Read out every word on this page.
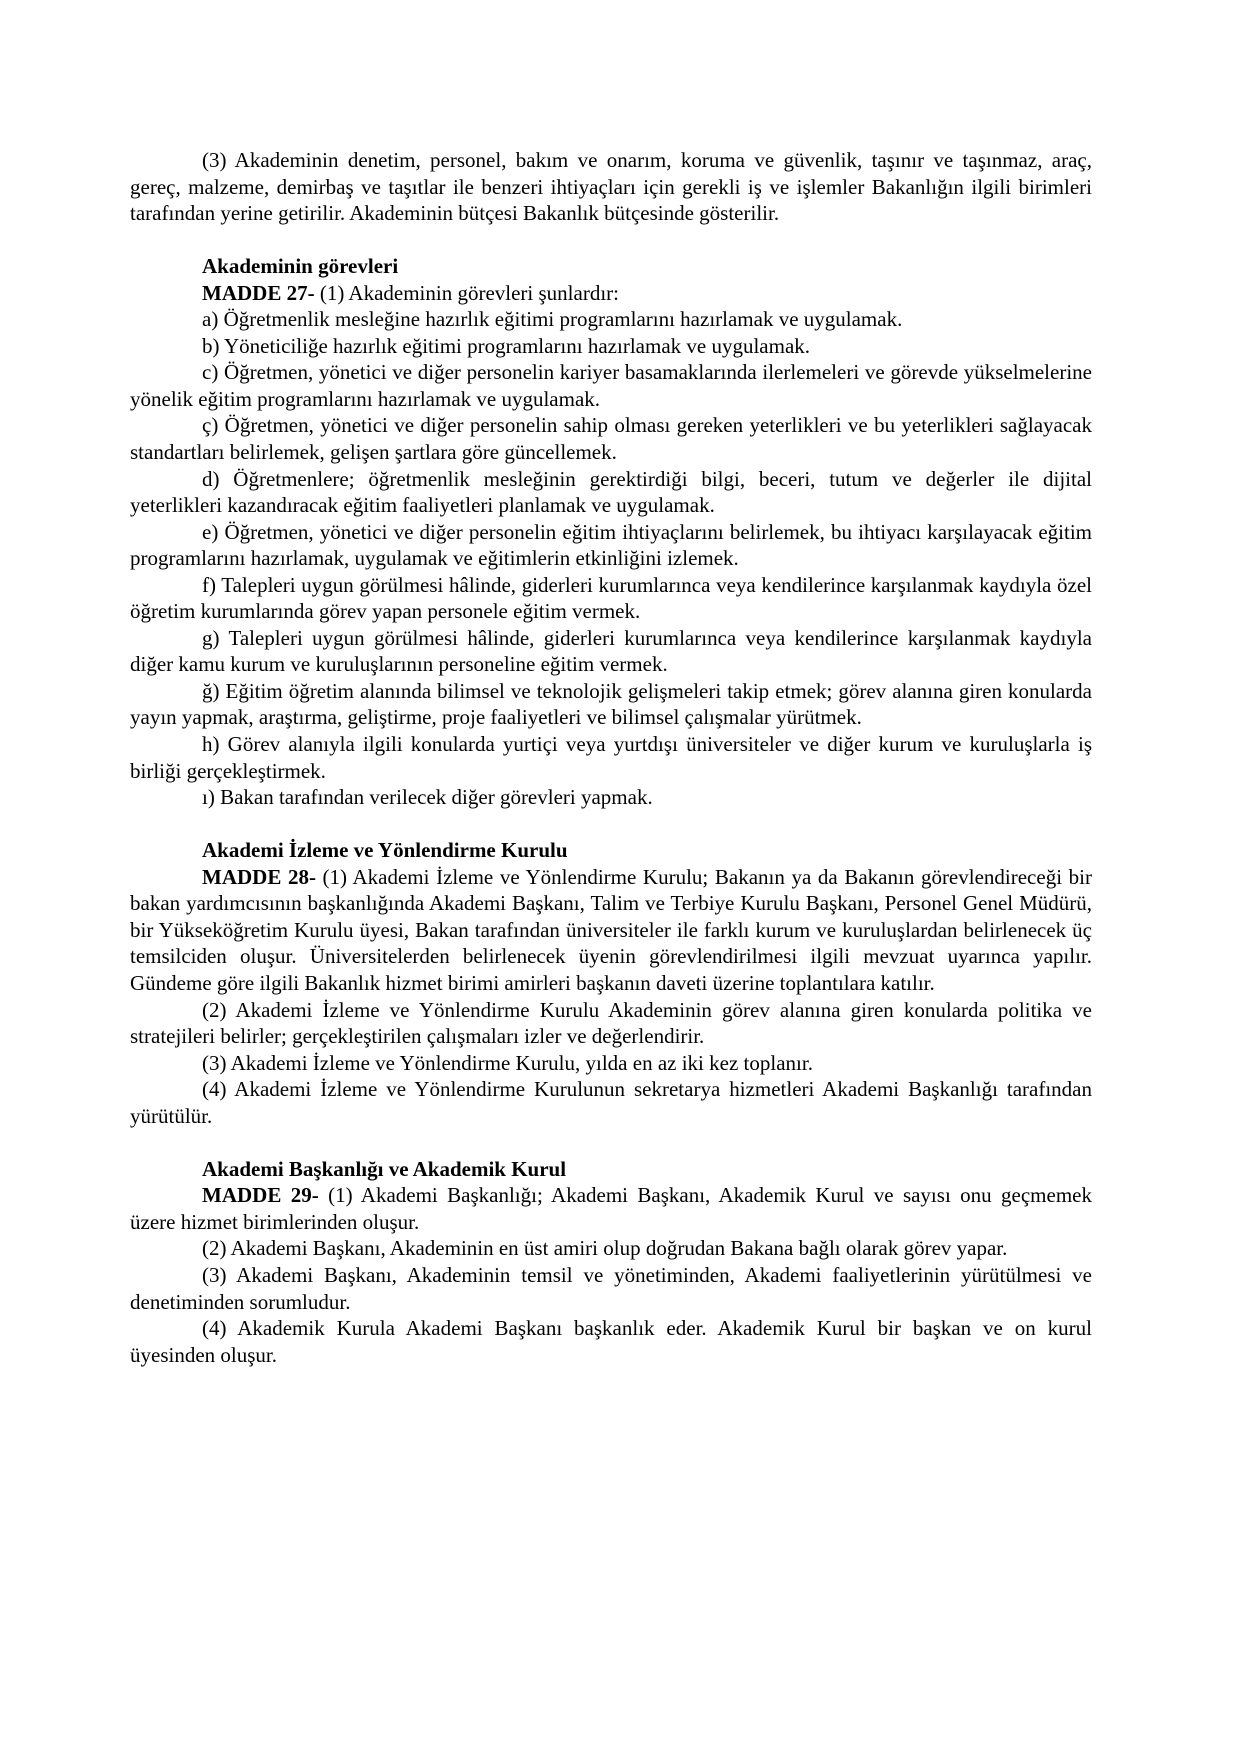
(3) Akademinin denetim, personel, bakım ve onarım, koruma ve güvenlik, taşınır ve taşınmaz, araç, gereç, malzeme, demirbaş ve taşıtlar ile benzeri ihtiyaçları için gerekli iş ve işlemler Bakanlığın ilgili birimleri tarafından yerine getirilir. Akademinin bütçesi Bakanlık bütçesinde gösterilir.

Akademinin görevleri

MADDE 27- (1) Akademinin görevleri şunlardır:

a) Öğretmenlik mesleğine hazırlık eğitimi programlarını hazırlamak ve uygulamak.

b) Yöneticiliğe hazırlık eğitimi programlarını hazırlamak ve uygulamak.

c) Öğretmen, yönetici ve diğer personelin kariyer basamaklarında ilerlemeleri ve görevde yükselmelerine yönelik eğitim programlarını hazırlamak ve uygulamak.

ç) Öğretmen, yönetici ve diğer personelin sahip olması gereken yeterlikleri ve bu yeterlikleri sağlayacak standartları belirlemek, gelişen şartlara göre güncellemek.

d) Öğretmenlere; öğretmenlik mesleğinin gerektirdiği bilgi, beceri, tutum ve değerler ile dijital yeterlikleri kazandıracak eğitim faaliyetleri planlamak ve uygulamak.

e) Öğretmen, yönetici ve diğer personelin eğitim ihtiyaçlarını belirlemek, bu ihtiyacı karşılayacak eğitim programlarını hazırlamak, uygulamak ve eğitimlerin etkinliğini izlemek.

f) Talepleri uygun görülmesi hâlinde, giderleri kurumlarınca veya kendilerince karşılanmak kaydıyla özel öğretim kurumlarında görev yapan personele eğitim vermek.

g) Talepleri uygun görülmesi hâlinde, giderleri kurumlarınca veya kendilerince karşılanmak kaydıyla diğer kamu kurum ve kuruluşlarının personeline eğitim vermek.

ğ) Eğitim öğretim alanında bilimsel ve teknolojik gelişmeleri takip etmek; görev alanına giren konularda yayın yapmak, araştırma, geliştirme, proje faaliyetleri ve bilimsel çalışmalar yürütmek.

h) Görev alanıyla ilgili konularda yurtiçi veya yurtdışı üniversiteler ve diğer kurum ve kuruluşlarla iş birliği gerçekleştirmek.

ı) Bakan tarafından verilecek diğer görevleri yapmak.

Akademi İzleme ve Yönlendirme Kurulu

MADDE 28- (1) Akademi İzleme ve Yönlendirme Kurulu; Bakanın ya da Bakanın görevlendireceği bir bakan yardımcısının başkanlığında Akademi Başkanı, Talim ve Terbiye Kurulu Başkanı, Personel Genel Müdürü, bir Yükseköğretim Kurulu üyesi, Bakan tarafından üniversiteler ile farklı kurum ve kuruluşlardan belirlenecek üç temsilciden oluşur. Üniversitelerden belirlenecek üyenin görevlendirilmesi ilgili mevzuat uyarınca yapılır. Gündeme göre ilgili Bakanlık hizmet birimi amirleri başkanın daveti üzerine toplantılara katılır.

(2) Akademi İzleme ve Yönlendirme Kurulu Akademinin görev alanına giren konularda politika ve stratejileri belirler; gerçekleştirilen çalışmaları izler ve değerlendirir.

(3) Akademi İzleme ve Yönlendirme Kurulu, yılda en az iki kez toplanır.

(4) Akademi İzleme ve Yönlendirme Kurulunun sekretarya hizmetleri Akademi Başkanlığı tarafından yürütülür.

Akademi Başkanlığı ve Akademik Kurul

MADDE 29- (1) Akademi Başkanlığı; Akademi Başkanı, Akademik Kurul ve sayısı onu geçmemek üzere hizmet birimlerinden oluşur.

(2) Akademi Başkanı, Akademinin en üst amiri olup doğrudan Bakana bağlı olarak görev yapar.

(3) Akademi Başkanı, Akademinin temsil ve yönetiminden, Akademi faaliyetlerinin yürütülmesi ve denetiminden sorumludur.

(4) Akademik Kurula Akademi Başkanı başkanlık eder. Akademik Kurul bir başkan ve on kurul üyesinden oluşur.
